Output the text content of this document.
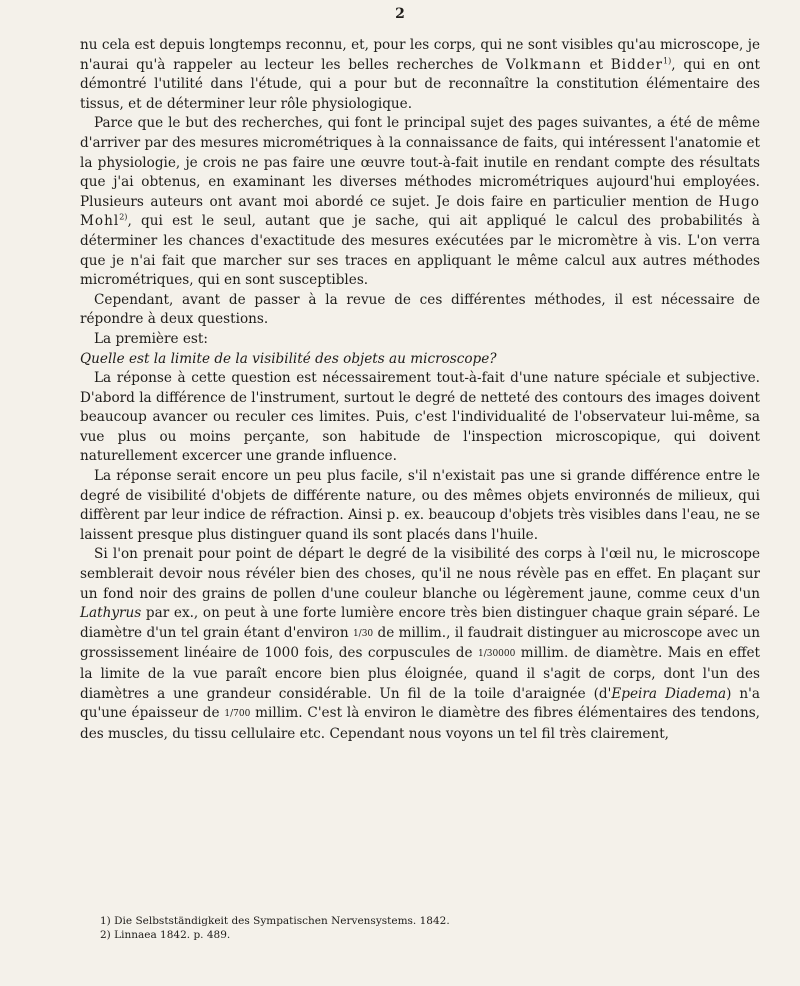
2

nu cela est depuis longtemps reconnu, et, pour les corps, qui ne sont visibles qu'au microscope, je n'aurai qu'à rappeler au lecteur les belles recherches de Volkmann et Bidder$^{1)}$, qui en ont démontré l'utilité dans l'étude, qui a pour but de reconnaître la constitution élémentaire des tissus, et de déterminer leur rôle physiologique.

Parce que le but des recherches, qui font le principal sujet des pages suivantes, a été de même d'arriver par des mesures micrométriques à la connaissance de faits, qui intéressent l'anatomie et la physiologie, je crois ne pas faire une œuvre tout-à-fait inutile en rendant compte des résultats que j'ai obtenus, en examinant les diverses méthodes micrométriques aujourd'hui employées. Plusieurs auteurs ont avant moi abordé ce sujet. Je dois faire en particulier mention de Hugo Mohl$^{2)}$, qui est le seul, autant que je sache, qui ait appliqué le calcul des probabilités à déterminer les chances d'exactitude des mesures exécutées par le micromètre à vis. L'on verra que je n'ai fait que marcher sur ses traces en appliquant le même calcul aux autres méthodes micrométriques, qui en sont susceptibles.

Cependant, avant de passer à la revue de ces différentes méthodes, il est nécessaire de répondre à deux questions.

La première est:

Quelle est la limite de la visibilité des objets au microscope?

La réponse à cette question est nécessairement tout-à-fait d'une nature spéciale et subjective. D'abord la différence de l'instrument, surtout le degré de netteté des contours des images doivent beaucoup avancer ou reculer ces limites. Puis, c'est l'individualité de l'observateur lui-même, sa vue plus ou moins perçante, son habitude de l'inspection microscopique, qui doivent naturellement excercer une grande influence.

La réponse serait encore un peu plus facile, s'il n'existait pas une si grande différence entre le degré de visibilité d'objets de différente nature, ou des mêmes objets environnés de milieux, qui diffèrent par leur indice de réfraction. Ainsi p. ex. beaucoup d'objets très visibles dans l'eau, ne se laissent presque plus distinguer quand ils sont placés dans l'huile.

Si l'on prenait pour point de départ le degré de la visibilité des corps à l'œil nu, le microscope semblerait devoir nous révéler bien des choses, qu'il ne nous révèle pas en effet. En plaçant sur un fond noir des grains de pollen d'une couleur blanche ou légèrement jaune, comme ceux d'un Lathyrus par ex., on peut à une forte lumière encore très bien distinguer chaque grain séparé. Le diamètre d'un tel grain étant d'environ 1/30 de millim., il faudrait distinguer au microscope avec un grossissement linéaire de 1000 fois, des corpuscules de 1/30000 millim. de diamètre. Mais en effet la limite de la vue paraît encore bien plus éloignée, quand il s'agit de corps, dont l'un des diamètres a une grandeur considérable. Un fil de la toile d'araignée (d'Epeira Diadema) n'a qu'une épaisseur de 1/700 millim. C'est là environ le diamètre des fibres élémentaires des tendons, des muscles, du tissu cellulaire etc. Cependant nous voyons un tel fil très clairement,

1) Die Selbstständigkeit des Sympatischen Nervensystems. 1842.

2) Linnaea 1842. p. 489.
